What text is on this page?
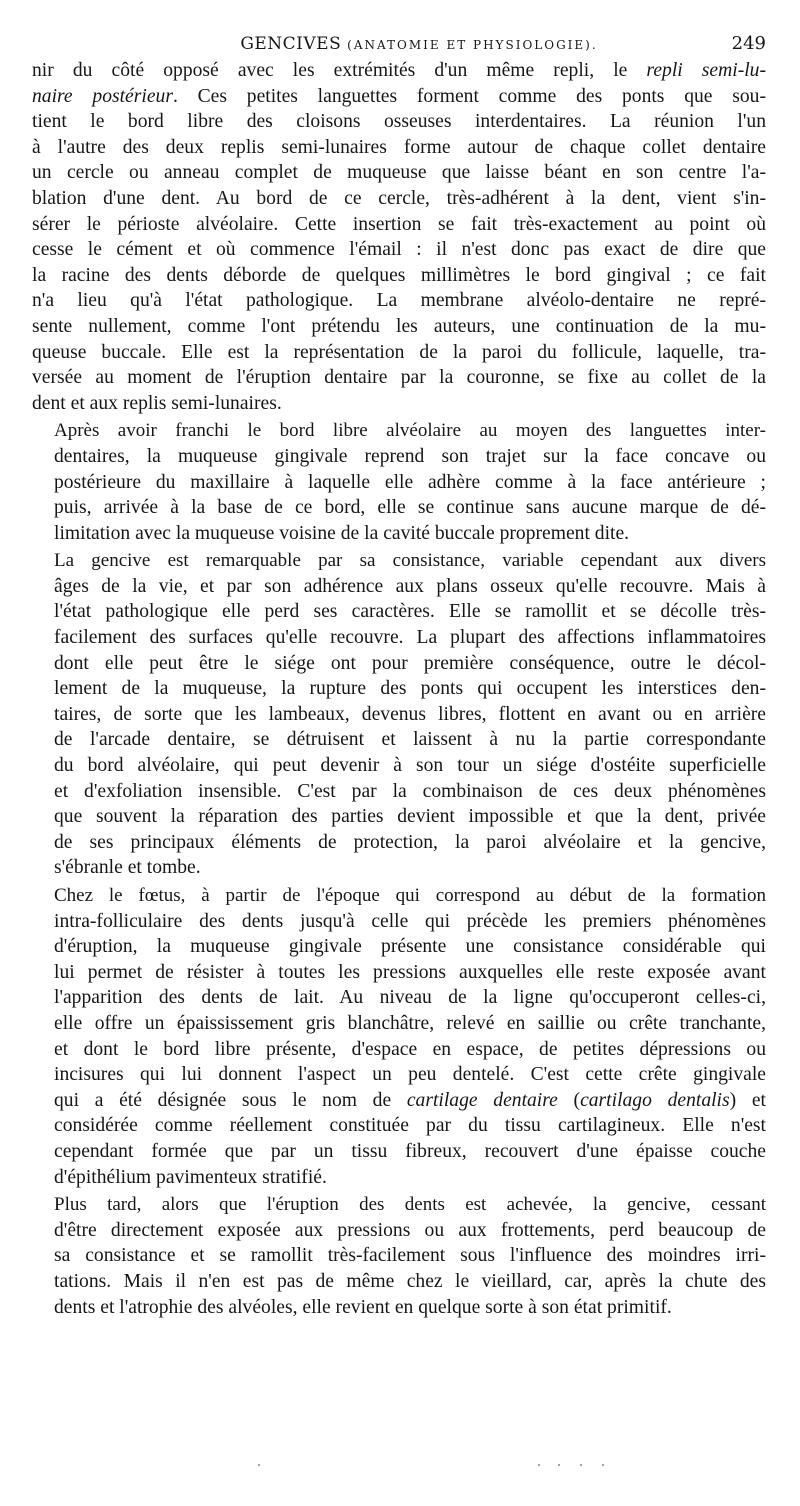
GENCIVES (ANATOMIE ET PHYSIOLOGIE).	249

nir du côté opposé avec les extrémités d'un même repli, le repli semi-lu-
naire postérieur. Ces petites languettes forment comme des ponts que sou-
tient le bord libre des cloisons osseuses interdentaires. La réunion l'un
à l'autre des deux replis semi-lunaires forme autour de chaque collet dentaire
un cercle ou anneau complet de muqueuse que laisse béant en son centre l'a-
blation d'une dent. Au bord de ce cercle, très-adhérent à la dent, vient s'in-
sérer le périoste alvéolaire. Cette insertion se fait très-exactement au point où
cesse le cément et où commence l'émail : il n'est donc pas exact de dire que
la racine des dents déborde de quelques millimètres le bord gingival ; ce fait
n'a lieu qu'à l'état pathologique. La membrane alvéolo-dentaire ne repré-
sente nullement, comme l'ont prétendu les auteurs, une continuation de la mu-
queuse buccale. Elle est la représentation de la paroi du follicule, laquelle, tra-
versée au moment de l'éruption dentaire par la couronne, se fixe au collet de la
dent et aux replis semi-lunaires.

Après avoir franchi le bord libre alvéolaire au moyen des languettes inter-
dentaires, la muqueuse gingivale reprend son trajet sur la face concave ou
postérieure du maxillaire à laquelle elle adhère comme à la face antérieure ;
puis, arrivée à la base de ce bord, elle se continue sans aucune marque de dé-
limitation avec la muqueuse voisine de la cavité buccale proprement dite.

La gencive est remarquable par sa consistance, variable cependant aux divers
âges de la vie, et par son adhérence aux plans osseux qu'elle recouvre. Mais à
l'état pathologique elle perd ses caractères. Elle se ramollit et se décolle très-
facilement des surfaces qu'elle recouvre. La plupart des affections inflammatoires
dont elle peut être le siége ont pour première conséquence, outre le décol-
lement de la muqueuse, la rupture des ponts qui occupent les interstices den-
taires, de sorte que les lambeaux, devenus libres, flottent en avant ou en arrière
de l'arcade dentaire, se détruisent et laissent à nu la partie correspondante
du bord alvéolaire, qui peut devenir à son tour un siége d'ostéite superficielle
et d'exfoliation insensible. C'est par la combinaison de ces deux phénomènes
que souvent la réparation des parties devient impossible et que la dent, privée
de ses principaux éléments de protection, la paroi alvéolaire et la gencive,
s'ébranle et tombe.

Chez le fœtus, à partir de l'époque qui correspond au début de la formation
intra-folliculaire des dents jusqu'à celle qui précède les premiers phénomènes
d'éruption, la muqueuse gingivale présente une consistance considérable qui
lui permet de résister à toutes les pressions auxquelles elle reste exposée avant
l'apparition des dents de lait. Au niveau de la ligne qu'occuperont celles-ci,
elle offre un épaississement gris blanchâtre, relevé en saillie ou crête tranchante,
et dont le bord libre présente, d'espace en espace, de petites dépressions ou
incisures qui lui donnent l'aspect un peu dentelé. C'est cette crête gingivale
qui a été désignée sous le nom de cartilage dentaire (cartilago dentalis) et
considérée comme réellement constituée par du tissu cartilagineux. Elle n'est
cependant formée que par un tissu fibreux, recouvert d'une épaisse couche
d'épithélium pavimenteux stratifié.

Plus tard, alors que l'éruption des dents est achevée, la gencive, cessant
d'être directement exposée aux pressions ou aux frottements, perd beaucoup de
sa consistance et se ramollit très-facilement sous l'influence des moindres irri-
tations. Mais il n'en est pas de même chez le vieillard, car, après la chute des
dents et l'atrophie des alvéoles, elle revient en quelque sorte à son état primitif.
